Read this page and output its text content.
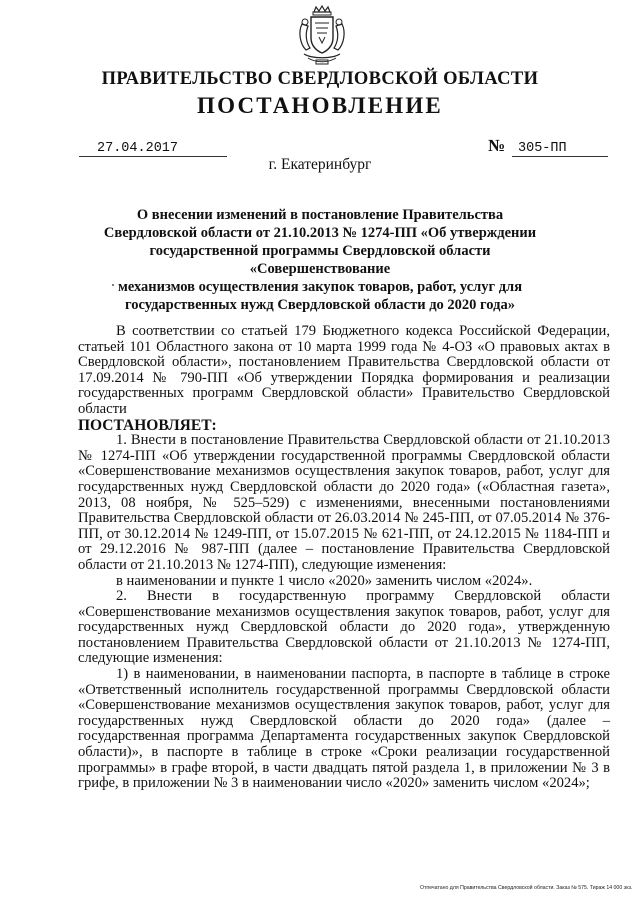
ПРАВИТЕЛЬСТВО СВЕРДЛОВСКОЙ ОБЛАСТИ
ПОСТАНОВЛЕНИЕ
27.04.2017	№ 305-ПП
г. Екатеринбург
О внесении изменений в постановление Правительства
Свердловской области от 21.10.2013 № 1274-ПП «Об утверждении
государственной программы Свердловской области «Совершенствование
механизмов осуществления закупок товаров, работ, услуг для
государственных нужд Свердловской области до 2020 года»

В соответствии со статьей 179 Бюджетного кодекса Российской Федерации, статьей 101 Областного закона от 10 марта 1999 года № 4-ОЗ «О правовых актах в Свердловской области», постановлением Правительства Свердловской области от 17.09.2014 № 790-ПП «Об утверждении Порядка формирования и реализации государственных программ Свердловской области» Правительство Свердловской области

ПОСТАНОВЛЯЕТ:

1. Внести в постановление Правительства Свердловской области от 21.10.2013 № 1274-ПП «Об утверждении государственной программы Свердловской области «Совершенствование механизмов осуществления закупок товаров, работ, услуг для государственных нужд Свердловской области до 2020 года» («Областная газета», 2013, 08 ноября, № 525–529) с изменениями, внесенными постановлениями Правительства Свердловской области от 26.03.2014 № 245-ПП, от 07.05.2014 № 376-ПП, от 30.12.2014 № 1249-ПП, от 15.07.2015 № 621-ПП, от 24.12.2015 № 1184-ПП и от 29.12.2016 № 987-ПП (далее – постановление Правительства Свердловской области от 21.10.2013 № 1274-ПП), следующие изменения:

в наименовании и пункте 1 число «2020» заменить числом «2024».

2. Внести в государственную программу Свердловской области «Совершенствование механизмов осуществления закупок товаров, работ, услуг для государственных нужд Свердловской области до 2020 года», утвержденную постановлением Правительства Свердловской области от 21.10.2013 № 1274-ПП, следующие изменения:

1) в наименовании, в наименовании паспорта, в паспорте в таблице в строке «Ответственный исполнитель государственной программы Свердловской области «Совершенствование механизмов осуществления закупок товаров, работ, услуг для государственных нужд Свердловской области до 2020 года» (далее – государственная программа Департамента государственных закупок Свердловской области)», в паспорте в таблице в строке «Сроки реализации государственной программы» в графе второй, в части двадцать пятой раздела 1, в приложении № 3 в грифе, в приложении № 3 в наименовании число «2020» заменить числом «2024»;

Отпечатано для Правительства Свердловской области. Заказ № 575. Тираж 14 000 экз.
